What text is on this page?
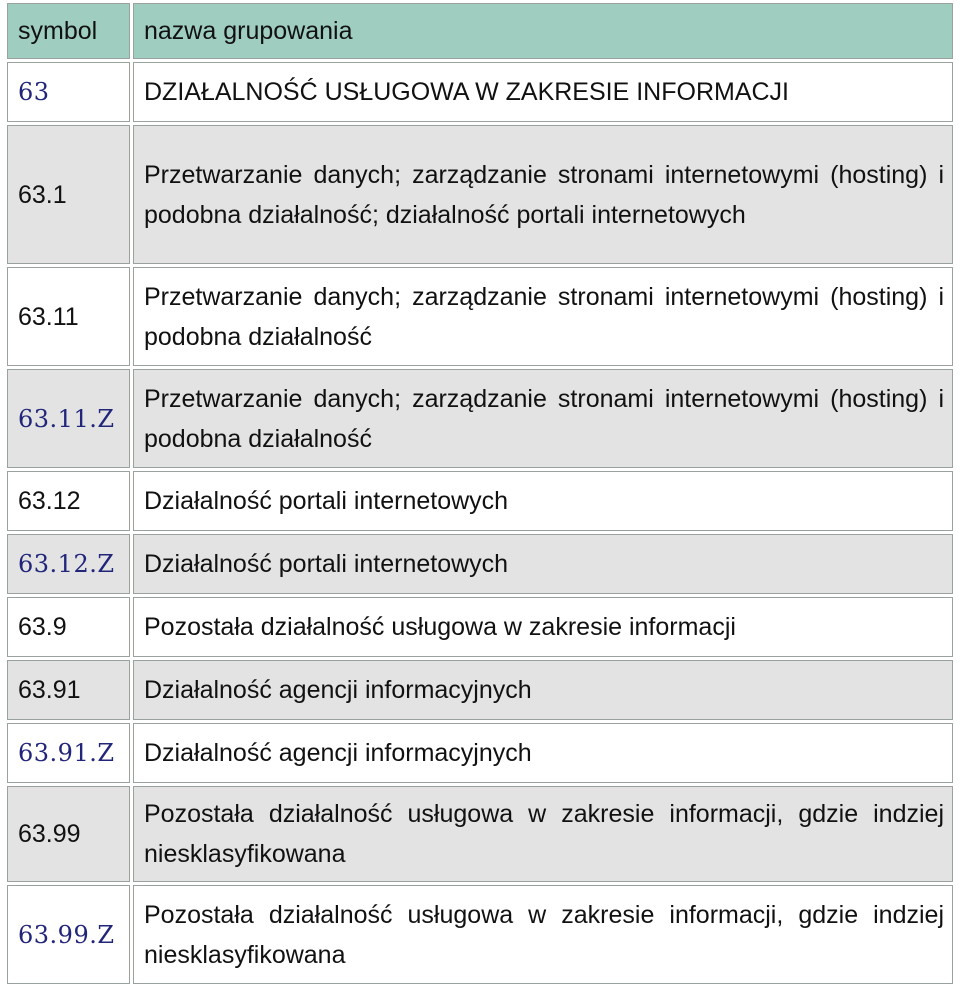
symbol	nazwa grupowania
63	DZIAŁALNOŚĆ USŁUGOWA W ZAKRESIE INFORMACJI
63.1	Przetwarzanie danych; zarządzanie stronami internetowymi (hosting) i podobna działalność; działalność portali internetowych
63.11	Przetwarzanie danych; zarządzanie stronami internetowymi (hosting) i podobna działalność
63.11.Z	Przetwarzanie danych; zarządzanie stronami internetowymi (hosting) i podobna działalność
63.12	Działalność portali internetowych
63.12.Z	Działalność portali internetowych
63.9	Pozostała działalność usługowa w zakresie informacji
63.91	Działalność agencji informacyjnych
63.91.Z	Działalność agencji informacyjnych
63.99	Pozostała działalność usługowa w zakresie informacji, gdzie indziej niesklasyfikowana
63.99.Z	Pozostała działalność usługowa w zakresie informacji, gdzie indziej niesklasyfikowana
